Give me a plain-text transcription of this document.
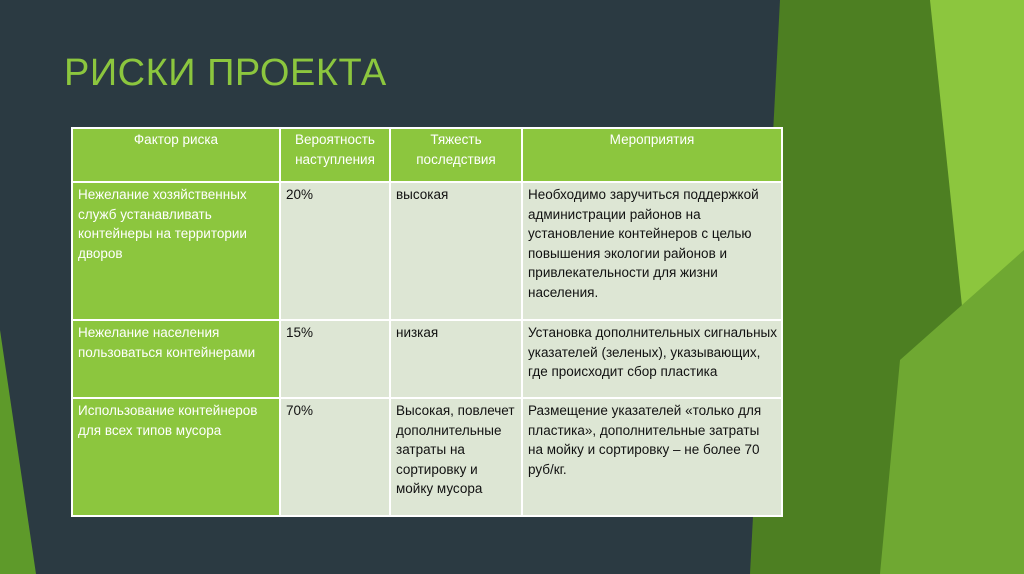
РИСКИ ПРОЕКТА
Фактор риска	Вероятность наступления	Тяжесть последствия	Мероприятия
Нежелание хозяйственных служб устанавливать контейнеры на территории дворов	20%	высокая	Необходимо заручиться поддержкой администрации районов на установление контейнеров с целью повышения экологии районов и привлекательности для жизни населения.
Нежелание населения пользоваться контейнерами	15%	низкая	Установка дополнительных сигнальных указателей (зеленых), указывающих, где происходит сбор пластика
Использование контейнеров для всех типов мусора	70%	Высокая, повлечет дополнительные затраты на сортировку и мойку мусора	Размещение указателей «только для пластика», дополнительные затраты на мойку и сортировку – не более 70 руб/кг.
